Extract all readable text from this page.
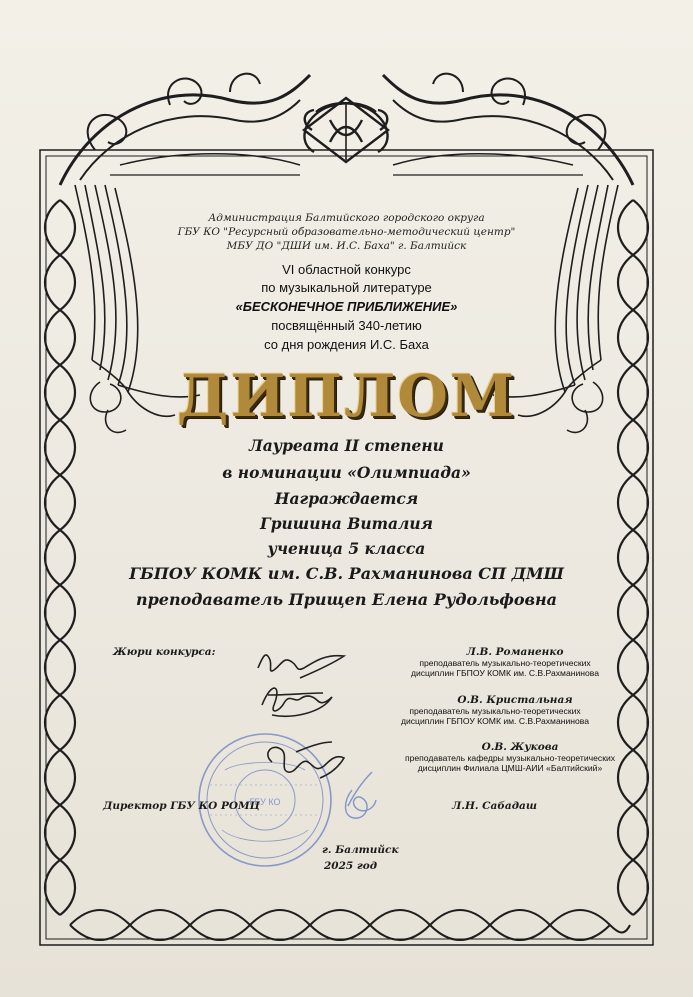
ГБУ КО
Администрация Балтийского городского округа
ГБУ КО "Ресурсный образовательно-методический центр"
МБУ ДО "ДШИ им. И.С. Баха" г. Балтийск
VI областной конкурс
по музыкальной литературе
«БЕСКОНЕЧНОЕ ПРИБЛИЖЕНИЕ»
посвящённый 340-летию
со дня рождения И.С. Баха
ДИПЛОМ
Лауреата II степени
в номинации «Олимпиада»
Награждается
Гришина Виталия
ученица 5 класса
ГБПОУ КОМК им. С.В. Рахманинова СП ДМШ
преподаватель Прищеп Елена Рудольфовна
Жюри конкурса:	Л.В. Романенко
преподаватель музыкально-теоретических
дисциплин ГБПОУ КОМК им. С.В.Рахманинова
О.В. Кристальная
преподаватель музыкально-теоретических
дисциплин ГБПОУ КОМК им. С.В.Рахманинова
О.В. Жукова
преподаватель кафедры музыкально-теоретических
дисциплин Филиала ЦМШ-АИИ «Балтийский»
Директор ГБУ КО РОМЦ	Л.Н. Сабадаш
г. Балтийск
2025 год
